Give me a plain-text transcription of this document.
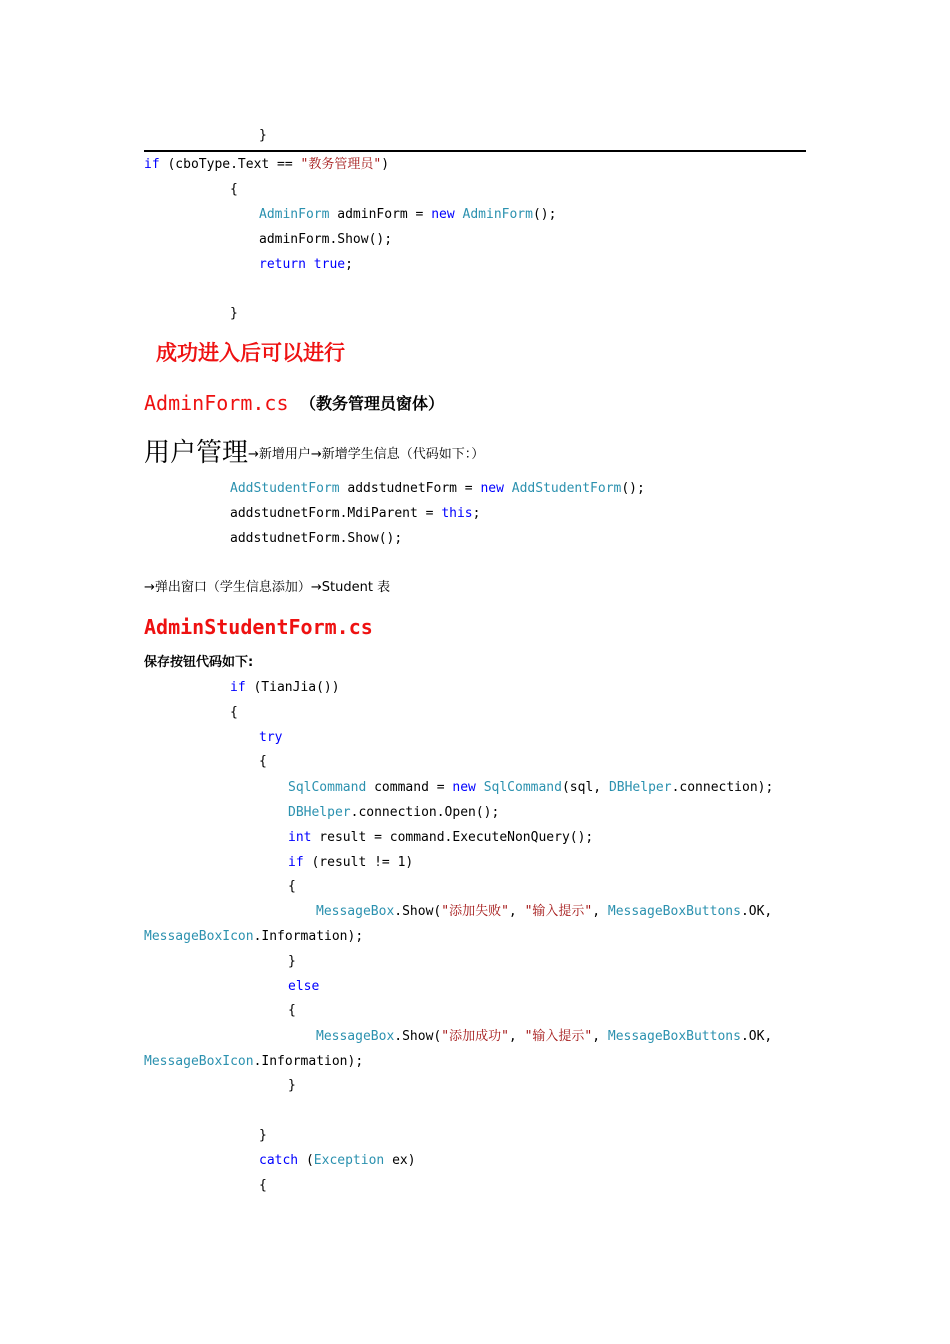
}
if (cboType.Text == "教务管理员")
{
AdminForm adminForm = new AdminForm();
adminForm.Show();
return true;
}
成功进入后可以进行
AdminForm.cs （教务管理员窗体）
用户管理 →新增用户→新增学生信息（代码如下：）
AddStudentForm addstudnetForm = new AddStudentForm();
addstudnetForm.MdiParent = this;
addstudnetForm.Show();
→弹出窗口（学生信息添加）→Student 表
AdminStudentForm.cs
保存按钮代码如下:
if (TianJia())
{
try
{
SqlCommand command = new SqlCommand(sql, DBHelper.connection);
DBHelper.connection.Open();
int result = command.ExecuteNonQuery();
if (result != 1)
{
MessageBox.Show("添加失败", "输入提示", MessageBoxButtons.OK,
MessageBoxIcon.Information);
}
else
{
MessageBox.Show("添加成功", "输入提示", MessageBoxButtons.OK,
MessageBoxIcon.Information);
}
}
catch (Exception ex)
{
